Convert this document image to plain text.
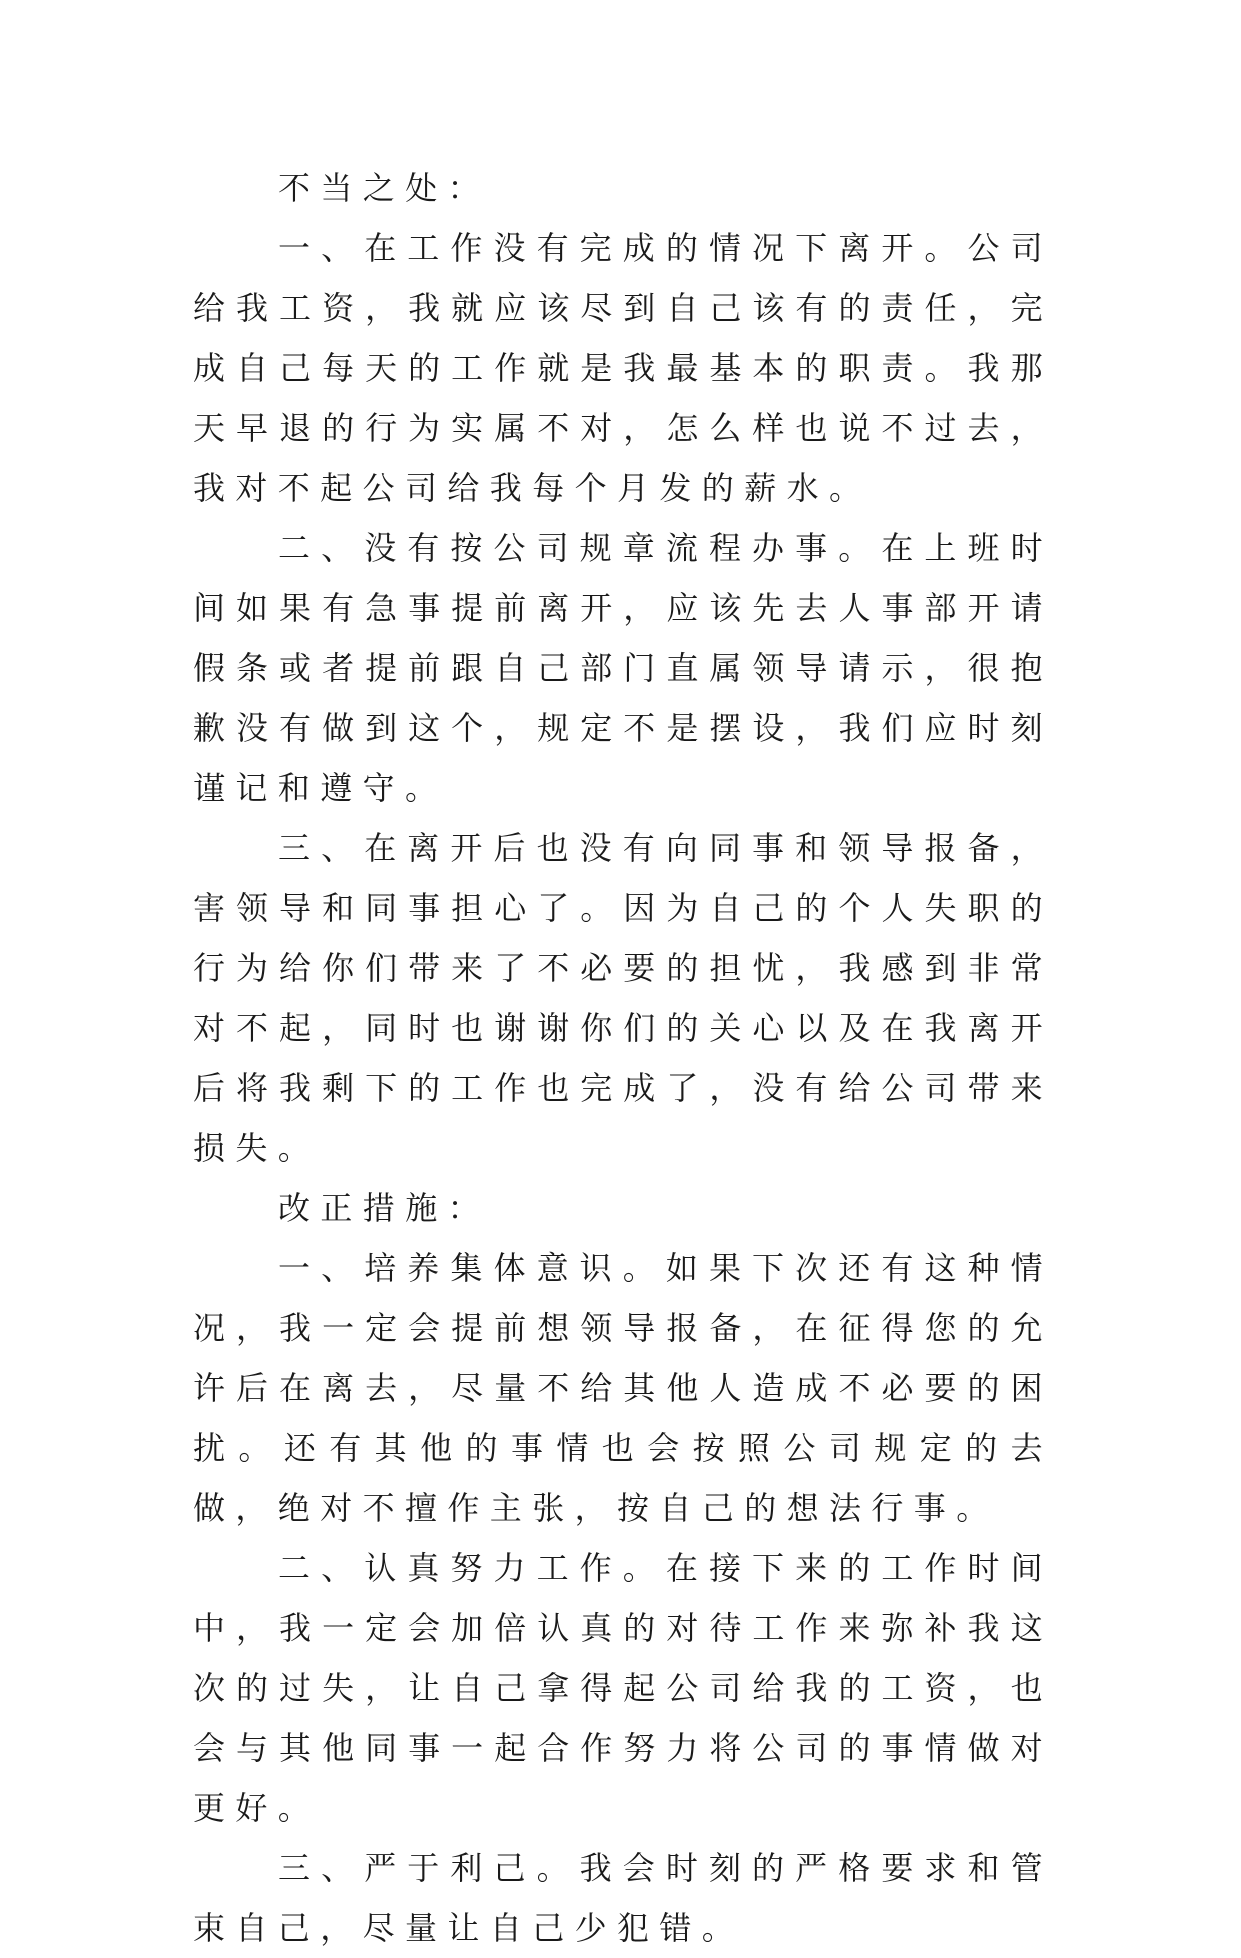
不当之处：

一、在工作没有完成的情况下离开。公司给我工资，我就应该尽到自己该有的责任，完成自己每天的工作就是我最基本的职责。我那天早退的行为实属不对，怎么样也说不过去，我对不起公司给我每个月发的薪水。

二、没有按公司规章流程办事。在上班时间如果有急事提前离开，应该先去人事部开请假条或者提前跟自己部门直属领导请示，很抱歉没有做到这个，规定不是摆设，我们应时刻谨记和遵守。

三、在离开后也没有向同事和领导报备，害领导和同事担心了。因为自己的个人失职的行为给你们带来了不必要的担忧，我感到非常对不起，同时也谢谢你们的关心以及在我离开后将我剩下的工作也完成了，没有给公司带来损失。

改正措施：

一、培养集体意识。如果下次还有这种情况，我一定会提前想领导报备，在征得您的允许后在离去，尽量不给其他人造成不必要的困扰。还有其他的事情也会按照公司规定的去做，绝对不擅作主张，按自己的想法行事。

二、认真努力工作。在接下来的工作时间中，我一定会加倍认真的对待工作来弥补我这次的过失，让自己拿得起公司给我的工资，也会与其他同事一起合作努力将公司的事情做对更好。

三、严于利己。我会时刻的严格要求和管束自己，尽量让自己少犯错。
